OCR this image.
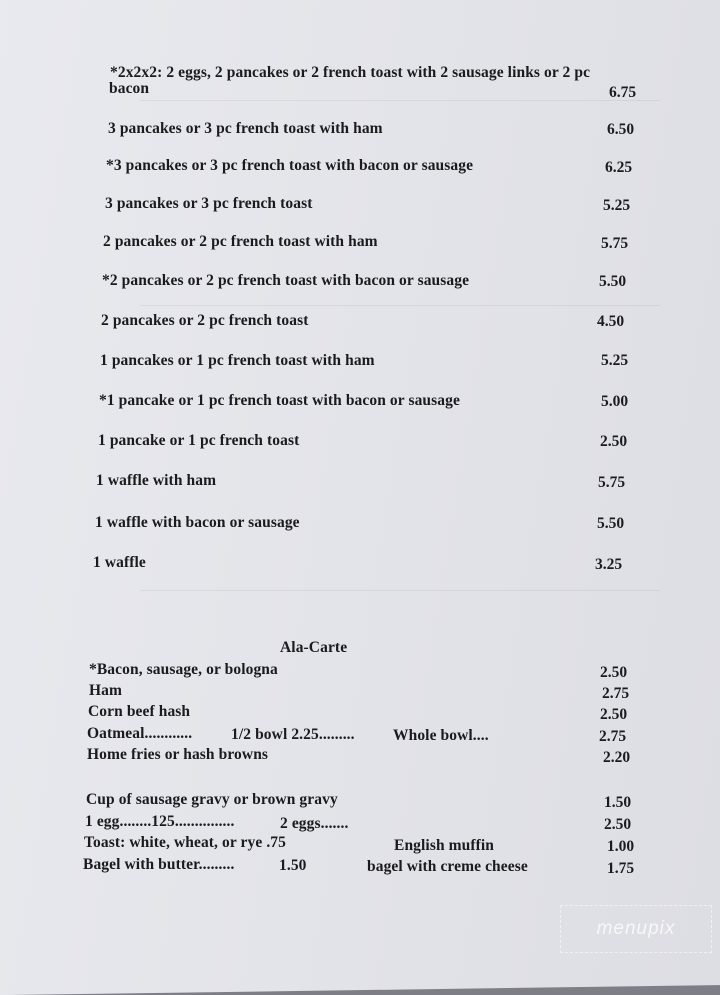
*2x2x2: 2 eggs, 2 pancakes or 2 french toast with 2 sausage links or 2 pc
bacon	6.75
3 pancakes or 3 pc french toast with ham	6.50
*3 pancakes or 3 pc french toast with bacon or sausage	6.25
3 pancakes or 3 pc french toast	5.25
2 pancakes or 2 pc french toast with ham	5.75
*2 pancakes or 2 pc french toast with bacon or sausage	5.50
2 pancakes or 2 pc french toast	4.50
1 pancakes or 1 pc french toast with ham	5.25
*1 pancake or 1 pc french toast with bacon or sausage	5.00
1 pancake or 1 pc french toast	2.50
1 waffle with ham	5.75
1 waffle with bacon or sausage	5.50
1 waffle	3.25
Ala-Carte
*Bacon, sausage, or bologna	2.50
Ham	2.75
Corn beef hash	2.50
Oatmeal............	1/2 bowl 2.25......... Whole bowl....	2.75
Home fries or hash browns	2.20
Cup of sausage gravy or brown gravy	1.50
1 egg........125...............	2 eggs.......	2.50
Toast: white, wheat, or rye .75	English muffin	1.00
Bagel with butter.........	1.50	bagel with creme cheese	1.75
menupix
